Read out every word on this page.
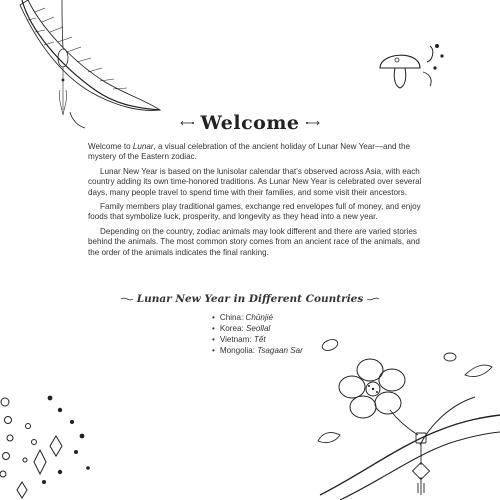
Welcome

Welcome to Lunar, a visual celebration of the ancient holiday of Lunar New Year—and the mystery of the Eastern zodiac.

Lunar New Year is based on the lunisolar calendar that’s observed across Asia, with each country adding its own time-honored traditions. As Lunar New Year is celebrated over several days, many people travel to spend time with their families, and some visit their ancestors.

Family members play traditional games, exchange red envelopes full of money, and enjoy foods that symbolize luck, prosperity, and longevity as they head into a new year.

Depending on the country, zodiac animals may look different and there are varied stories behind the animals. The most common story comes from an ancient race of the animals, and the order of the animals indicates the final ranking.

Lunar New Year in Different Countries
• China: Chūnjié
• Korea: Seollal
• Vietnam: Tết
• Mongolia: Tsagaan Sar
